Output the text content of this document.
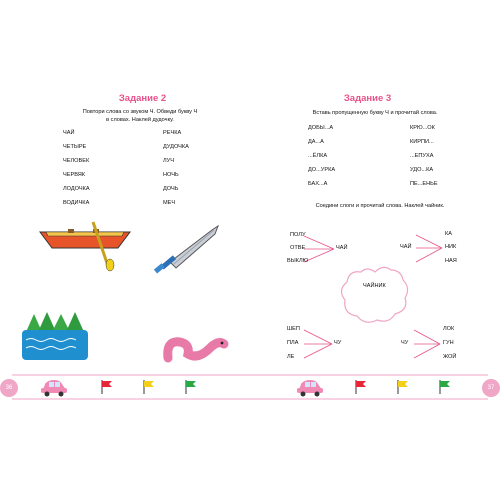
Задание 2
Повтори слова со звуком Ч. Обведи букву Ч
в словах. Наклей дудочку.
ЧАЙ
ЧЕТЫРЕ
ЧЕЛОВЕК
ЧЕРВЯК
ЛОДОЧКА
ВОДИЧКА
РЕЧКА
ДУДОЧКА
ЛУЧ
НОЧЬ
ДОЧЬ
МЕЧ
Задание 3
Вставь пропущенную букву Ч и прочитай слова.
ДОБЫ...А
ДА...А
...ЁЛКА
ДО...УРКА
БАХ...А
КРЮ...ОК
КИРПИ...
...ЕПУХА
УДО...КА
ПЕ...ЕНЬЕ
Соедини слоги и прочитай слова. Наклей чайник.
ПОЛУ
ОТВЕ
ВЫКЛЮ
ЧАЙ	ЧАЙ
КА
НИК
НАЯ
ЧАЙНИК
ШЕП
ПЛА
ЛЕ
ЧУ	ЧУ
ЛОК
ГУН
ЖОЙ
36	37
